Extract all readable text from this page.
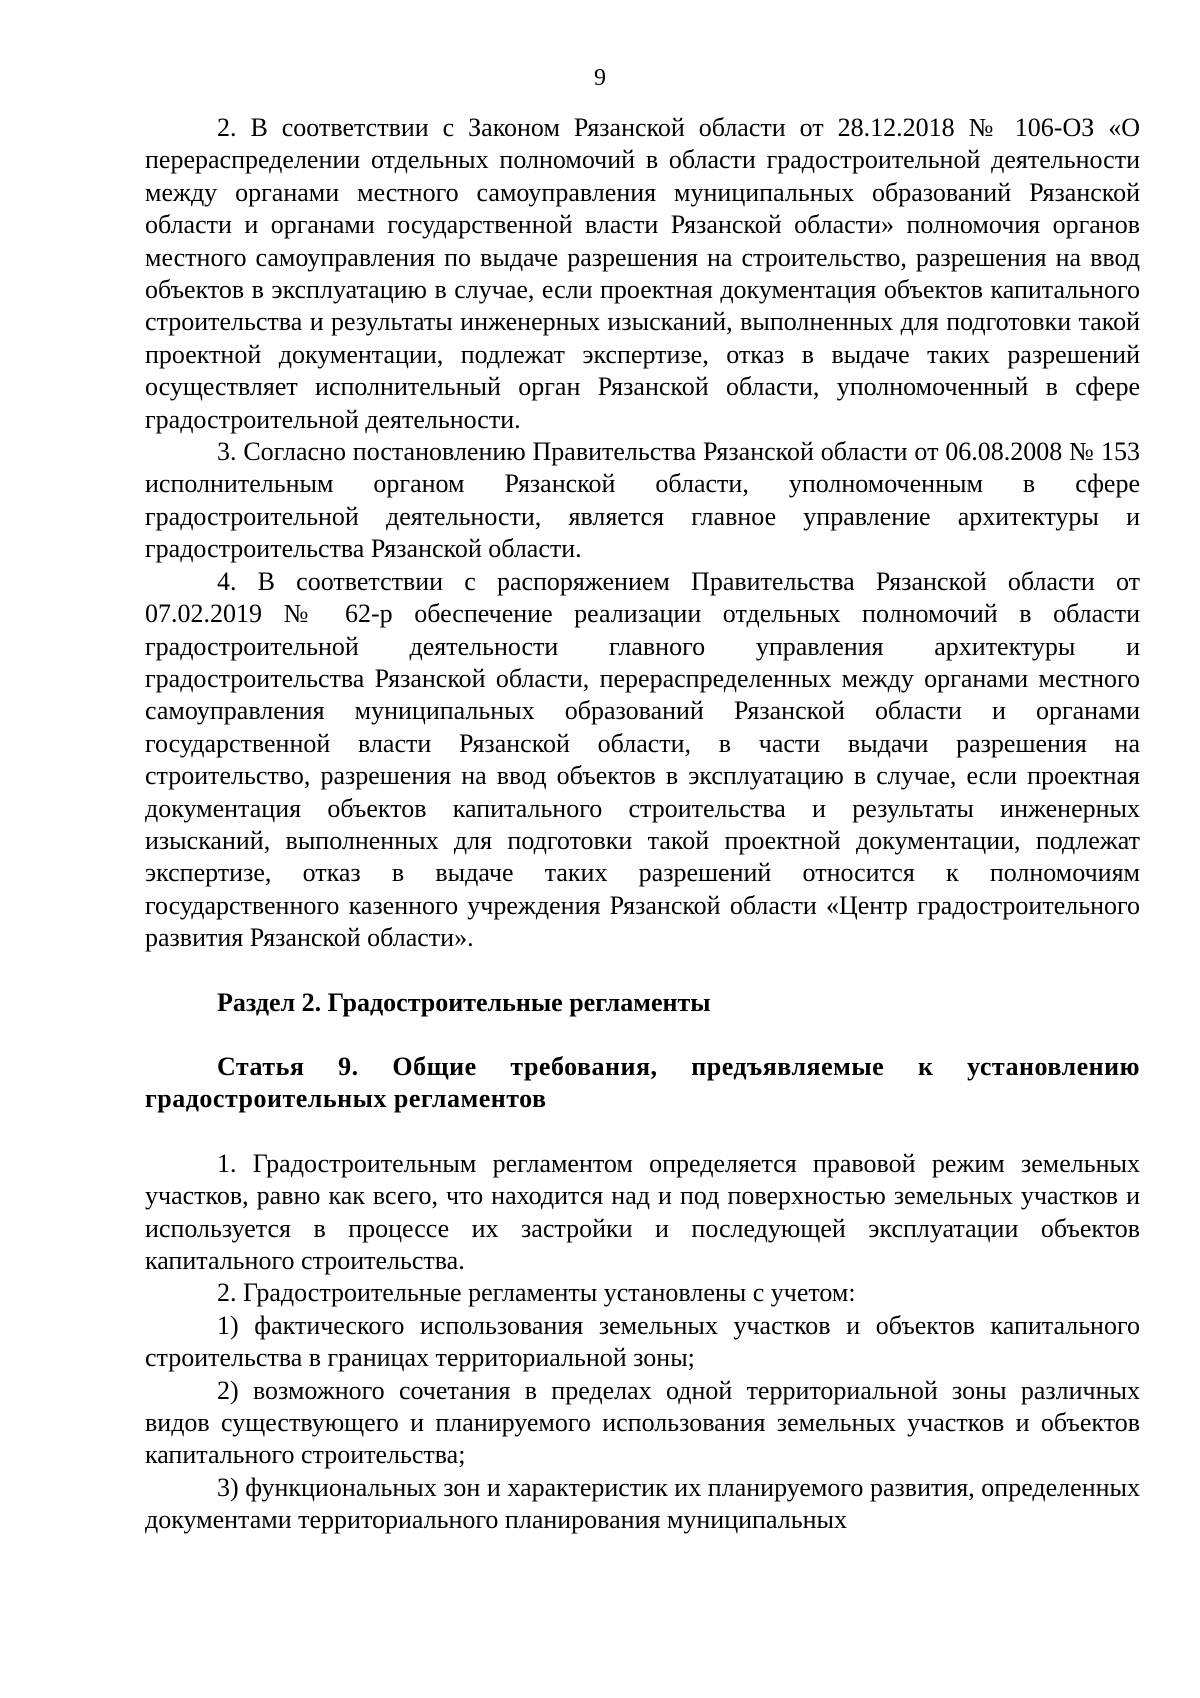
9

2. В соответствии с Законом Рязанской области от 28.12.2018 № 106-ОЗ «О перераспределении отдельных полномочий в области градостроительной деятельности между органами местного самоуправления муниципальных образований Рязанской области и органами государственной власти Рязанской области» полномочия органов местного самоуправления по выдаче разрешения на строительство, разрешения на ввод объектов в эксплуатацию в случае, если проектная документация объектов капитального строительства и результаты инженерных изысканий, выполненных для подготовки такой проектной документации, подлежат экспертизе, отказ в выдаче таких разрешений осуществляет исполнительный орган Рязанской области, уполномоченный в сфере градостроительной деятельности.

3. Согласно постановлению Правительства Рязанской области от 06.08.2008 № 153 исполнительным органом Рязанской области, уполномоченным в сфере градостроительной деятельности, является главное управление архитектуры и градостроительства Рязанской области.

4. В соответствии с распоряжением Правительства Рязанской области от 07.02.2019 № 62-р обеспечение реализации отдельных полномочий в области градостроительной деятельности главного управления архитектуры и градостроительства Рязанской области, перераспределенных между органами местного самоуправления муниципальных образований Рязанской области и органами государственной власти Рязанской области, в части выдачи разрешения на строительство, разрешения на ввод объектов в эксплуатацию в случае, если проектная документация объектов капитального строительства и результаты инженерных изысканий, выполненных для подготовки такой проектной документации, подлежат экспертизе, отказ в выдаче таких разрешений относится к полномочиям государственного казенного учреждения Рязанской области «Центр градостроительного развития Рязанской области».

Раздел 2. Градостроительные регламенты

Статья 9. Общие требования, предъявляемые к установлению градостроительных регламентов

1. Градостроительным регламентом определяется правовой режим земельных участков, равно как всего, что находится над и под поверхностью земельных участков и используется в процессе их застройки и последующей эксплуатации объектов капитального строительства.

2. Градостроительные регламенты установлены с учетом:

1) фактического использования земельных участков и объектов капитального строительства в границах территориальной зоны;

2) возможного сочетания в пределах одной территориальной зоны различных видов существующего и планируемого использования земельных участков и объектов капитального строительства;

3) функциональных зон и характеристик их планируемого развития, определенных документами территориального планирования муниципальных
